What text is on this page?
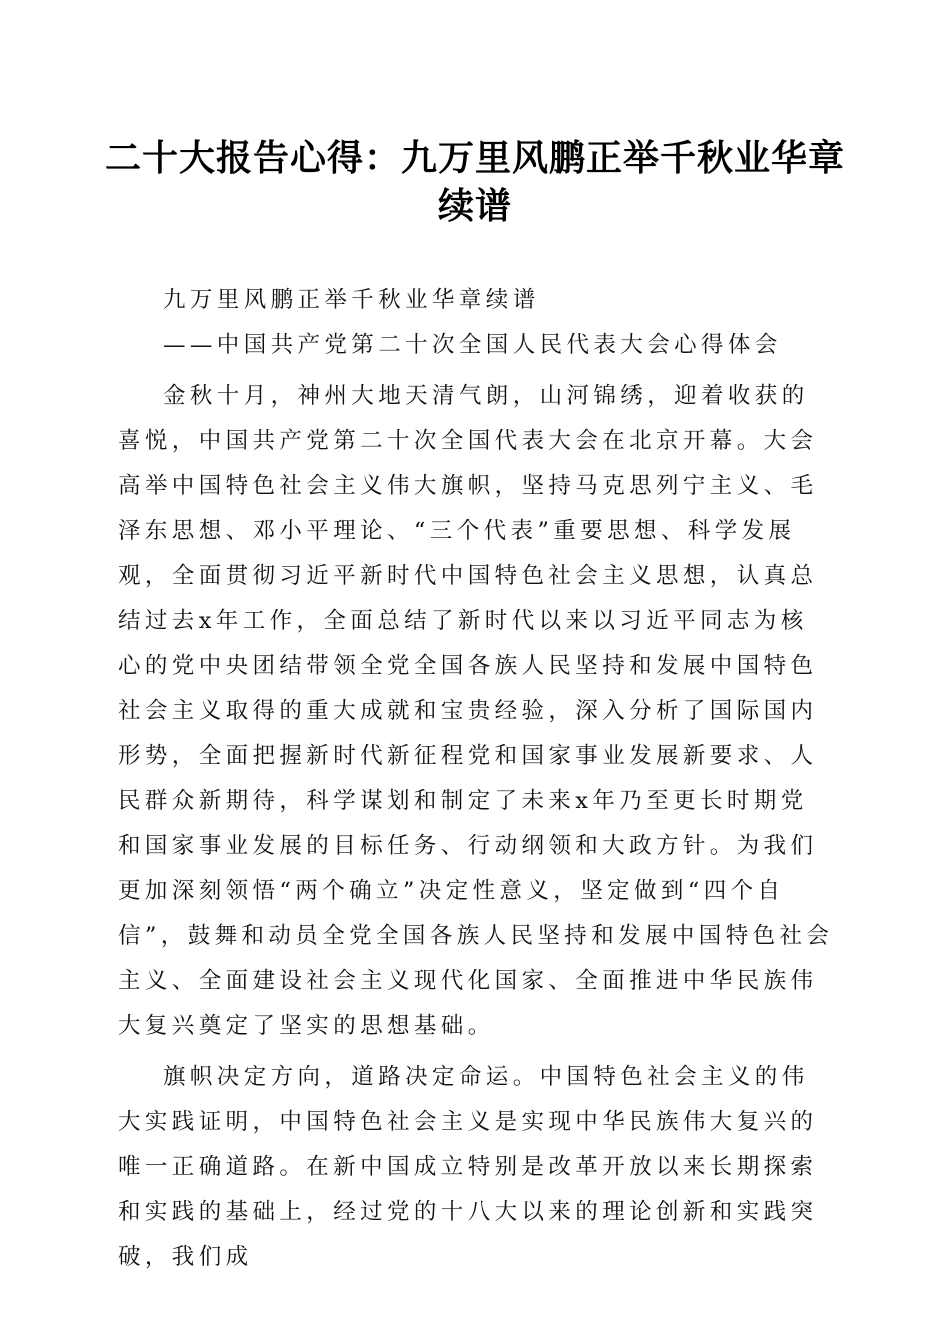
二十大报告心得：九万里风鹏正举千秋业华章
续谱

九万里风鹏正举千秋业华章续谱

——中国共产党第二十次全国人民代表大会心得体会

金秋十月，神州大地天清气朗，山河锦绣，迎着收获的喜悦，中国共产党第二十次全国代表大会在北京开幕。大会高举中国特色社会主义伟大旗帜，坚持马克思列宁主义、毛泽东思想、邓小平理论、“三个代表”重要思想、科学发展观，全面贯彻习近平新时代中国特色社会主义思想，认真总结过去x年工作，全面总结了新时代以来以习近平同志为核心的党中央团结带领全党全国各族人民坚持和发展中国特色社会主义取得的重大成就和宝贵经验，深入分析了国际国内形势，全面把握新时代新征程党和国家事业发展新要求、人民群众新期待，科学谋划和制定了未来x年乃至更长时期党和国家事业发展的目标任务、行动纲领和大政方针。为我们更加深刻领悟“两个确立”决定性意义，坚定做到“四个自信”，鼓舞和动员全党全国各族人民坚持和发展中国特色社会主义、全面建设社会主义现代化国家、全面推进中华民族伟大复兴奠定了坚实的思想基础。

旗帜决定方向，道路决定命运。中国特色社会主义的伟大实践证明，中国特色社会主义是实现中华民族伟大复兴的唯一正确道路。在新中国成立特别是改革开放以来长期探索和实践的基础上，经过党的十八大以来的理论创新和实践突破，我们成
